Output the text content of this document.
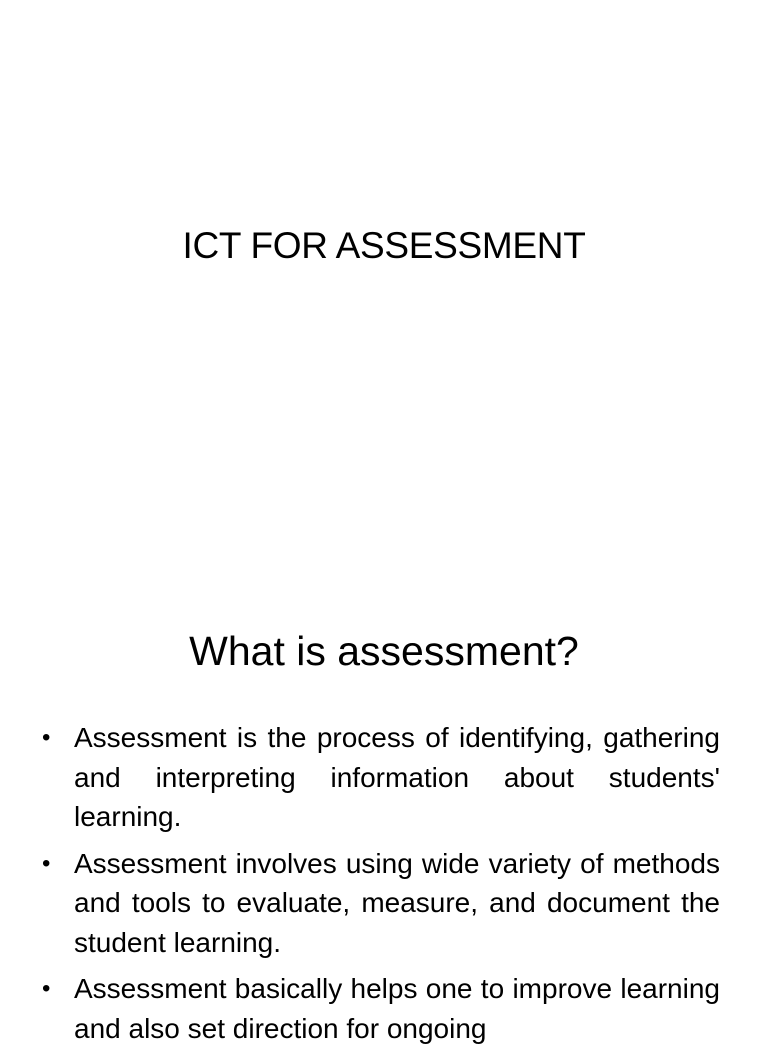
ICT FOR ASSESSMENT
What is assessment?
• Assessment is the process of identifying, gathering and interpreting information about students' learning.
• Assessment involves using wide variety of methods and tools to evaluate, measure, and document the student learning.
• Assessment basically helps one to improve learning and also set direction for ongoing
